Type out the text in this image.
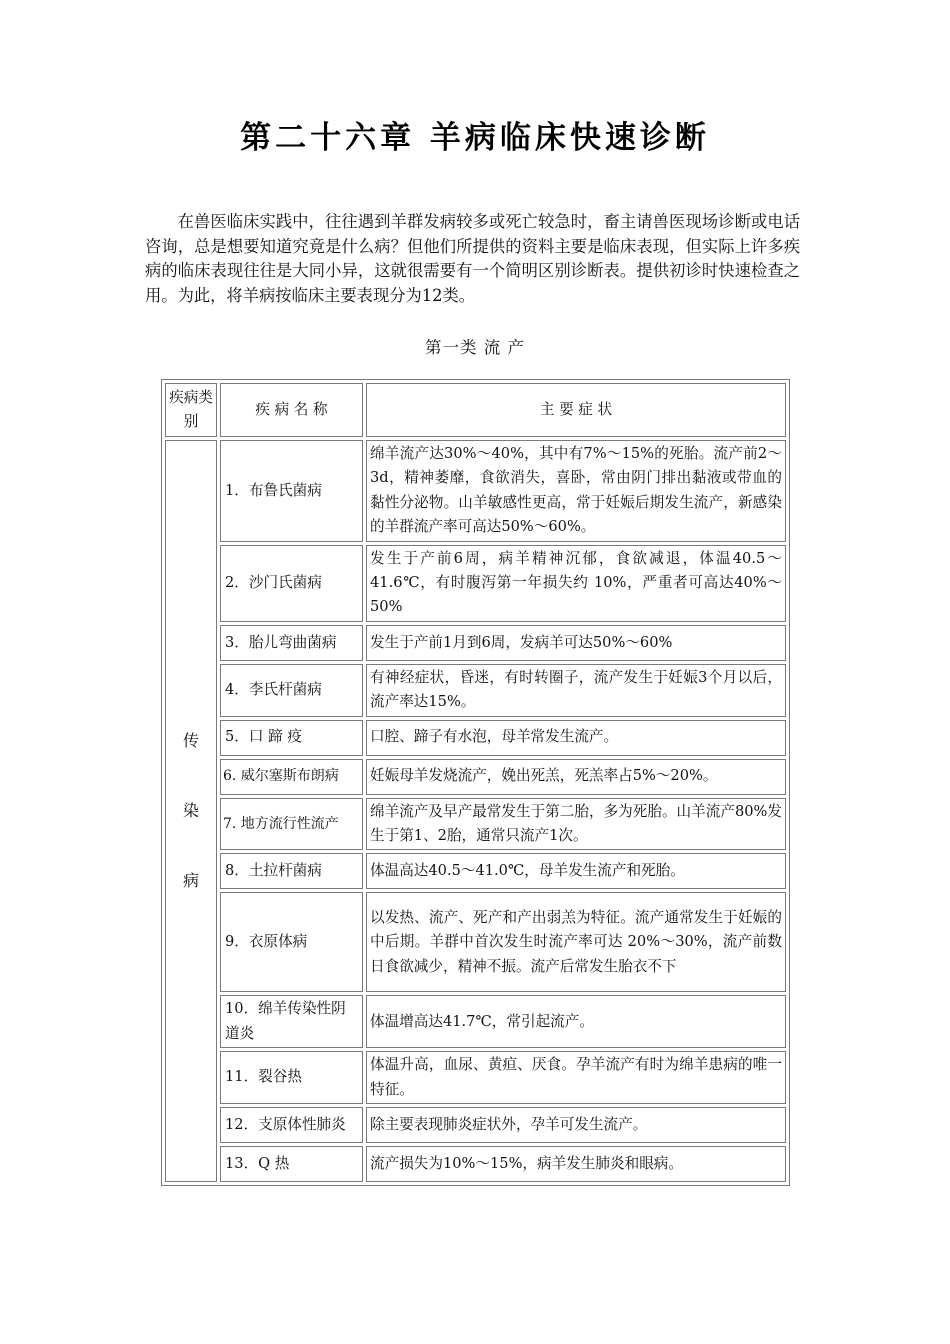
第二十六章 羊病临床快速诊断

在兽医临床实践中，往往遇到羊群发病较多或死亡较急时，畜主请兽医现场诊断或电话咨询，总是想要知道究竟是什么病？但他们所提供的资料主要是临床表现，但实际上许多疾病的临床表现往往是大同小异，这就很需要有一个简明区别诊断表。提供初诊时快速检查之用。为此，将羊病按临床主要表现分为12类。

第一类 流 产
疾病类别	疾 病 名 称	主 要 症 状

传
染
病	1．布鲁氏菌病	绵羊流产达30%～40%，其中有7%～15%的死胎。流产前2～3d，精神萎靡，食欲消失，喜卧，常由阴门排出黏液或带血的黏性分泌物。山羊敏感性更高，常于妊娠后期发生流产，新感染的羊群流产率可高达50%～60%。
	2．沙门氏菌病	发生于产前6周，病羊精神沉郁，食欲减退，体温40.5～41.6℃，有时腹泻第一年损失约 10%，严重者可高达40%～50%
	3．胎儿弯曲菌病	发生于产前1月到6周，发病羊可达50%～60%
	4．李氏杆菌病	有神经症状，昏迷，有时转圈子，流产发生于妊娠3个月以后，流产率达15%。
	5．口 蹄 疫	口腔、蹄子有水泡，母羊常发生流产。
	6. 威尔塞斯布朗病	妊娠母羊发烧流产，娩出死羔，死羔率占5%～20%。
	7. 地方流行性流产	绵羊流产及早产最常发生于第二胎，多为死胎。山羊流产80%发生于第1、2胎，通常只流产1次。
	8．土拉杆菌病	体温高达40.5～41.0℃，母羊发生流产和死胎。
	9．衣原体病	以发热、流产、死产和产出弱羔为特征。流产通常发生于妊娠的中后期。羊群中首次发生时流产率可达 20%～30%，流产前数日食欲减少，精神不振。流产后常发生胎衣不下
	10．绵羊传染性阴道炎	体温增高达41.7℃，常引起流产。
	11．裂谷热	体温升高，血尿、黄疸、厌食。孕羊流产有时为绵羊患病的唯一特征。
	12．支原体性肺炎	除主要表现肺炎症状外，孕羊可发生流产。
	13．Q 热	流产损失为10%～15%，病羊发生肺炎和眼病。
